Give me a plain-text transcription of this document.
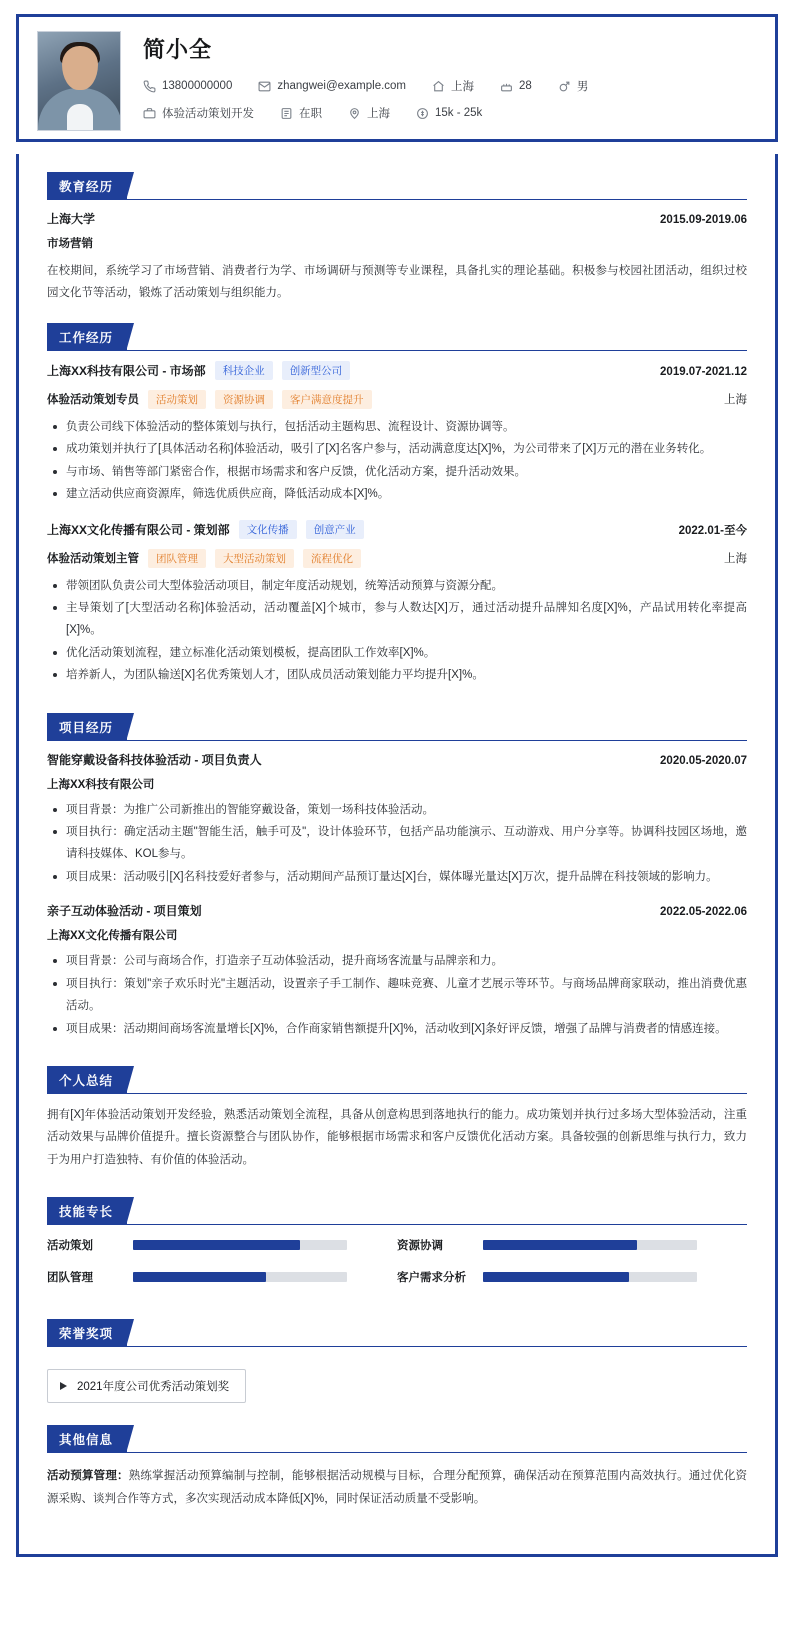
简小全
13800000000	zhangwei@example.com	上海	28	男
体验活动策划开发	在职	上海	15k - 25k
教育经历
上海大学	2015.09-2019.06
市场营销
在校期间，系统学习了市场营销、消费者行为学、市场调研与预测等专业课程，具备扎实的理论基础。积极参与校园社团活动，组织过校园文化节等活动，锻炼了活动策划与组织能力。
工作经历
上海XX科技有限公司 - 市场部	科技企业	创新型公司	2019.07-2021.12
体验活动策划专员	活动策划	资源协调	客户满意度提升	上海
负责公司线下体验活动的整体策划与执行，包括活动主题构思、流程设计、资源协调等。
成功策划并执行了[具体活动名称]体验活动，吸引了[X]名客户参与，活动满意度达[X]%，为公司带来了[X]万元的潜在业务转化。
与市场、销售等部门紧密合作，根据市场需求和客户反馈，优化活动方案，提升活动效果。
建立活动供应商资源库，筛选优质供应商，降低活动成本[X]%。
上海XX文化传播有限公司 - 策划部	文化传播	创意产业	2022.01-至今
体验活动策划主管	团队管理	大型活动策划	流程优化	上海
带领团队负责公司大型体验活动项目，制定年度活动规划，统筹活动预算与资源分配。
主导策划了[大型活动名称]体验活动，活动覆盖[X]个城市，参与人数达[X]万，通过活动提升品牌知名度[X]%，产品试用转化率提高[X]%。
优化活动策划流程，建立标准化活动策划模板，提高团队工作效率[X]%。
培养新人，为团队输送[X]名优秀策划人才，团队成员活动策划能力平均提升[X]%。
项目经历
智能穿戴设备科技体验活动 - 项目负责人	2020.05-2020.07
上海XX科技有限公司
项目背景：为推广公司新推出的智能穿戴设备，策划一场科技体验活动。
项目执行：确定活动主题"智能生活，触手可及"，设计体验环节，包括产品功能演示、互动游戏、用户分享等。协调科技园区场地，邀请科技媒体、KOL参与。
项目成果：活动吸引[X]名科技爱好者参与，活动期间产品预订量达[X]台，媒体曝光量达[X]万次，提升品牌在科技领域的影响力。
亲子互动体验活动 - 项目策划	2022.05-2022.06
上海XX文化传播有限公司
项目背景：公司与商场合作，打造亲子互动体验活动，提升商场客流量与品牌亲和力。
项目执行：策划"亲子欢乐时光"主题活动，设置亲子手工制作、趣味竞赛、儿童才艺展示等环节。与商场品牌商家联动，推出消费优惠活动。
项目成果：活动期间商场客流量增长[X]%，合作商家销售额提升[X]%，活动收到[X]条好评反馈，增强了品牌与消费者的情感连接。
个人总结
拥有[X]年体验活动策划开发经验，熟悉活动策划全流程，具备从创意构思到落地执行的能力。成功策划并执行过多场大型体验活动，注重活动效果与品牌价值提升。擅长资源整合与团队协作，能够根据市场需求和客户反馈优化活动方案。具备较强的创新思维与执行力，致力于为用户打造独特、有价值的体验活动。
技能专长
活动策划	资源协调
团队管理	客户需求分析
荣誉奖项
2021年度公司优秀活动策划奖
其他信息
活动预算管理：熟练掌握活动预算编制与控制，能够根据活动规模与目标，合理分配预算，确保活动在预算范围内高效执行。通过优化资源采购、谈判合作等方式，多次实现活动成本降低[X]%，同时保证活动质量不受影响。
